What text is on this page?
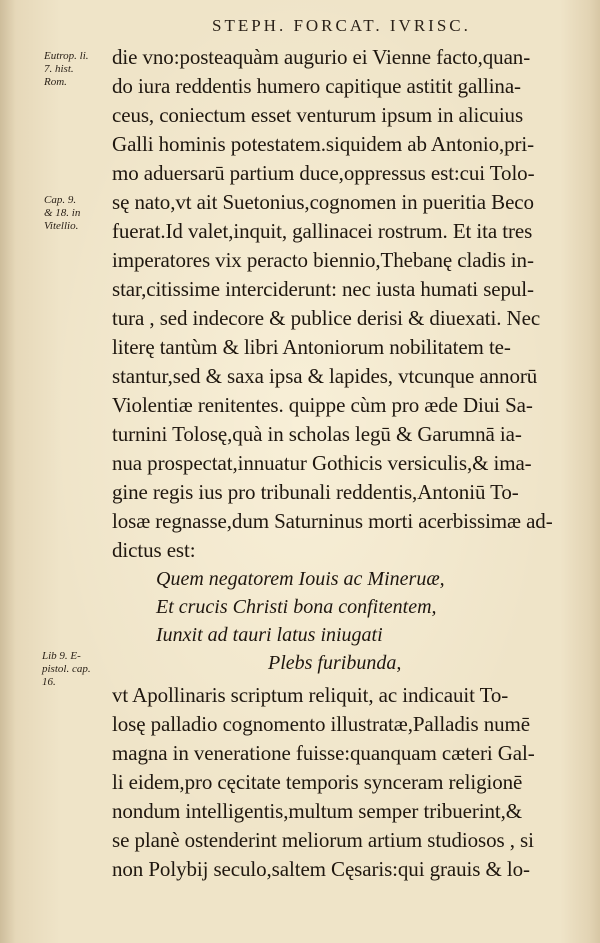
STEPH. FORCAT. IVRISC.
Eutrop. li.
7. hist.
Rom.
Cap. 9.
& 18. in
Vitellio.
Lib 9. E-
pistol. cap.
16.
die vno:posteaquàm augurio ei Vienne facto,quan-
do iura reddentis humero capitique astitit gallina-
ceus, coniectum esset venturum ipsum in alicuius
Galli hominis potestatem.siquidem ab Antonio,pri-
mo aduersarū partium duce,oppressus est:cui Tolo-
sę nato,vt ait Suetonius,cognomen in pueritia Beco
fuerat.Id valet,inquit, gallinacei rostrum. Et ita tres
imperatores vix peracto biennio,Thebanę cladis in-
star,citissime interciderunt: nec iusta humati sepul-
tura , sed indecore & publice derisi & diuexati. Nec
literę tantùm & libri Antoniorum nobilitatem te-
stantur,sed & saxa ipsa & lapides, vtcunque annorū
Violentiæ renitentes. quippe cùm pro æde Diui Sa-
turnini Tolosę,quà in scholas legū & Garumnā ia-
nua prospectat,innuatur Gothicis versiculis,& ima-
gine regis ius pro tribunali reddentis,Antoniū To-
losæ regnasse,dum Saturninus morti acerbissimæ ad-
dictus est:
Quem negatorem Iouis ac Mineruæ,
Et crucis Christi bona confitentem,
Iunxit ad tauri latus iniugati
Plebs furibunda,
vt Apollinaris scriptum reliquit, ac indicauit To-
losę palladio cognomento illustratæ,Palladis numē
magna in veneratione fuisse:quanquam cæteri Gal-
li eidem,pro cęcitate temporis synceram religionē
nondum intelligentis,multum semper tribuerint,&
se planè ostenderint meliorum artium studiosos , si
non Polybij seculo,saltem Cęsaris:qui grauis & lo-
